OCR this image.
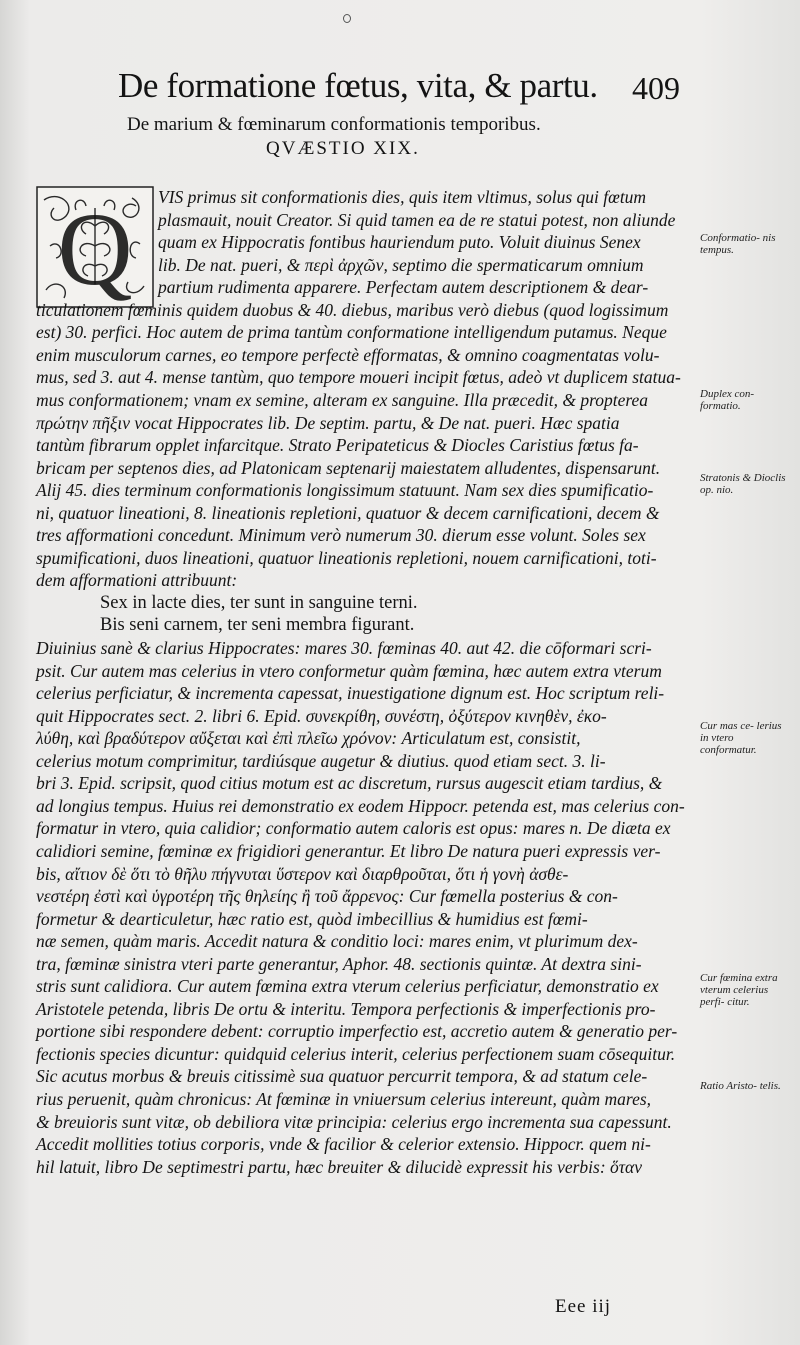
De formatione fœtus, vita, & partu. 409
De marium & fœminarum conformationis temporibus.
QVÆSTIO XIX.
Q VIS primus sit conformationis dies, quis item vltimus, solus qui fœtum
plasmauit, nouit Creator. Si quid tamen ea de re statui potest, non aliunde
quam ex Hippocratis fontibus hauriendum puto. Voluit diuinus Senex
lib. De nat. pueri, & περὶ ἀρχῶν, septimo die spermaticarum omnium
partium rudimenta apparere. Perfectam autem descriptionem & dear-
ticulationem fœminis quidem duobus & 40. diebus, maribus verò diebus (quod logissimum
est) 30. perfici. Hoc autem de prima tantùm conformatione intelligendum putamus. Neque
enim musculorum carnes, eo tempore perfectè efformatas, & omnino coagmentatas volu-
mus, sed 3. aut 4. mense tantùm, quo tempore moueri incipit fœtus, adeò vt duplicem statua-
mus conformationem; vnam ex semine, alteram ex sanguine. Illa præcedit, & propterea
πρώτην πῆξιν vocat Hippocrates lib. De septim. partu, & De nat. pueri. Hæc spatia
tantùm fibrarum opplet infarcitque. Strato Peripateticus & Diocles Caristius fœtus fa-
bricam per septenos dies, ad Platonicam septenarij maiestatem alludentes, dispensarunt.
Alij 45. dies terminum conformationis longissimum statuunt. Nam sex dies spumificatio-
ni, quatuor lineationi, 8. lineationis repletioni, quatuor & decem carnificationi, decem &
tres afformationi concedunt. Minimum verò numerum 30. dierum esse volunt. Soles sex
spumificationi, duos lineationi, quatuor lineationis repletioni, nouem carnificationi, toti-
dem afformationi attribuunt:
Sex in lacte dies, ter sunt in sanguine terni.
Bis seni carnem, ter seni membra figurant.
Diuinius sanè & clarius Hippocrates: mares 30. fœminas 40. aut 42. die cōformari scri-
psit. Cur autem mas celerius in vtero conformetur quàm fœmina, hæc autem extra vterum
celerius perficiatur, & incrementa capessat, inuestigatione dignum est. Hoc scriptum reli-
quit Hippocrates sect. 2. libri 6. Epid. συνεκρίθη, συνέστη, ὀξύτερον κινηθὲν, ἐκο-
λύθη, καὶ βραδύτερον αὔξεται καὶ ἐπὶ πλεῖω χρόνον: Articulatum est, consistit,
celerius motum comprimitur, tardiúsque augetur & diutius. quod etiam sect. 3. li-
bri 3. Epid. scripsit, quod citius motum est ac discretum, rursus augescit etiam tardius, &
ad longius tempus. Huius rei demonstratio ex eodem Hippocr. petenda est, mas celerius con-
formatur in vtero, quia calidior; conformatio autem caloris est opus: mares n. De diæta ex
calidiori semine, fœminæ ex frigidiori generantur. Et libro De natura pueri expressis ver-
bis, αἴτιον δὲ ὅτι τὸ θῆλυ πήγνυται ὕστερον καὶ διαρθροῦται, ὅτι ἡ γονὴ ἀσθε-
νεστέρη ἐστὶ καὶ ὑγροτέρη τῆς θηλείης ἢ τοῦ ἄρρενος: Cur fœmella posterius & con-
formetur & dearticuletur, hæc ratio est, quòd imbecillius & humidius est fœmi-
næ semen, quàm maris. Accedit natura & conditio loci: mares enim, vt plurimum dex-
tra, fœminæ sinistra vteri parte generantur, Aphor. 48. sectionis quintæ. At dextra sini-
stris sunt calidiora. Cur autem fœmina extra vterum celerius perficiatur, demonstratio ex
Aristotele petenda, libris De ortu & interitu. Tempora perfectionis & imperfectionis pro-
portione sibi respondere debent: corruptio imperfectio est, accretio autem & generatio per-
fectionis species dicuntur: quidquid celerius interit, celerius perfectionem suam cōsequitur.
Sic acutus morbus & breuis citissimè sua quatuor percurrit tempora, & ad statum cele-
rius peruenit, quàm chronicus: At fœminæ in vniuersum celerius intereunt, quàm mares,
& breuioris sunt vitæ, ob debiliora vitæ principia: celerius ergo incrementa sua capessunt.
Accedit mollities totius corporis, vnde & facilior & celerior extensio. Hippocr. quem ni-
hil latuit, libro De septimestri partu, hæc breuiter & dilucidè expressit his verbis: ὅταν
Conformatio- nis tempus.
Duplex con- formatio.
Stratonis & Dioclis op. nio.
Cur mas ce- lerius in vtero conformatur.
Cur fœmina extra vterum celerius perfi- citur.
Ratio Aristo- telis.
Eee iij
